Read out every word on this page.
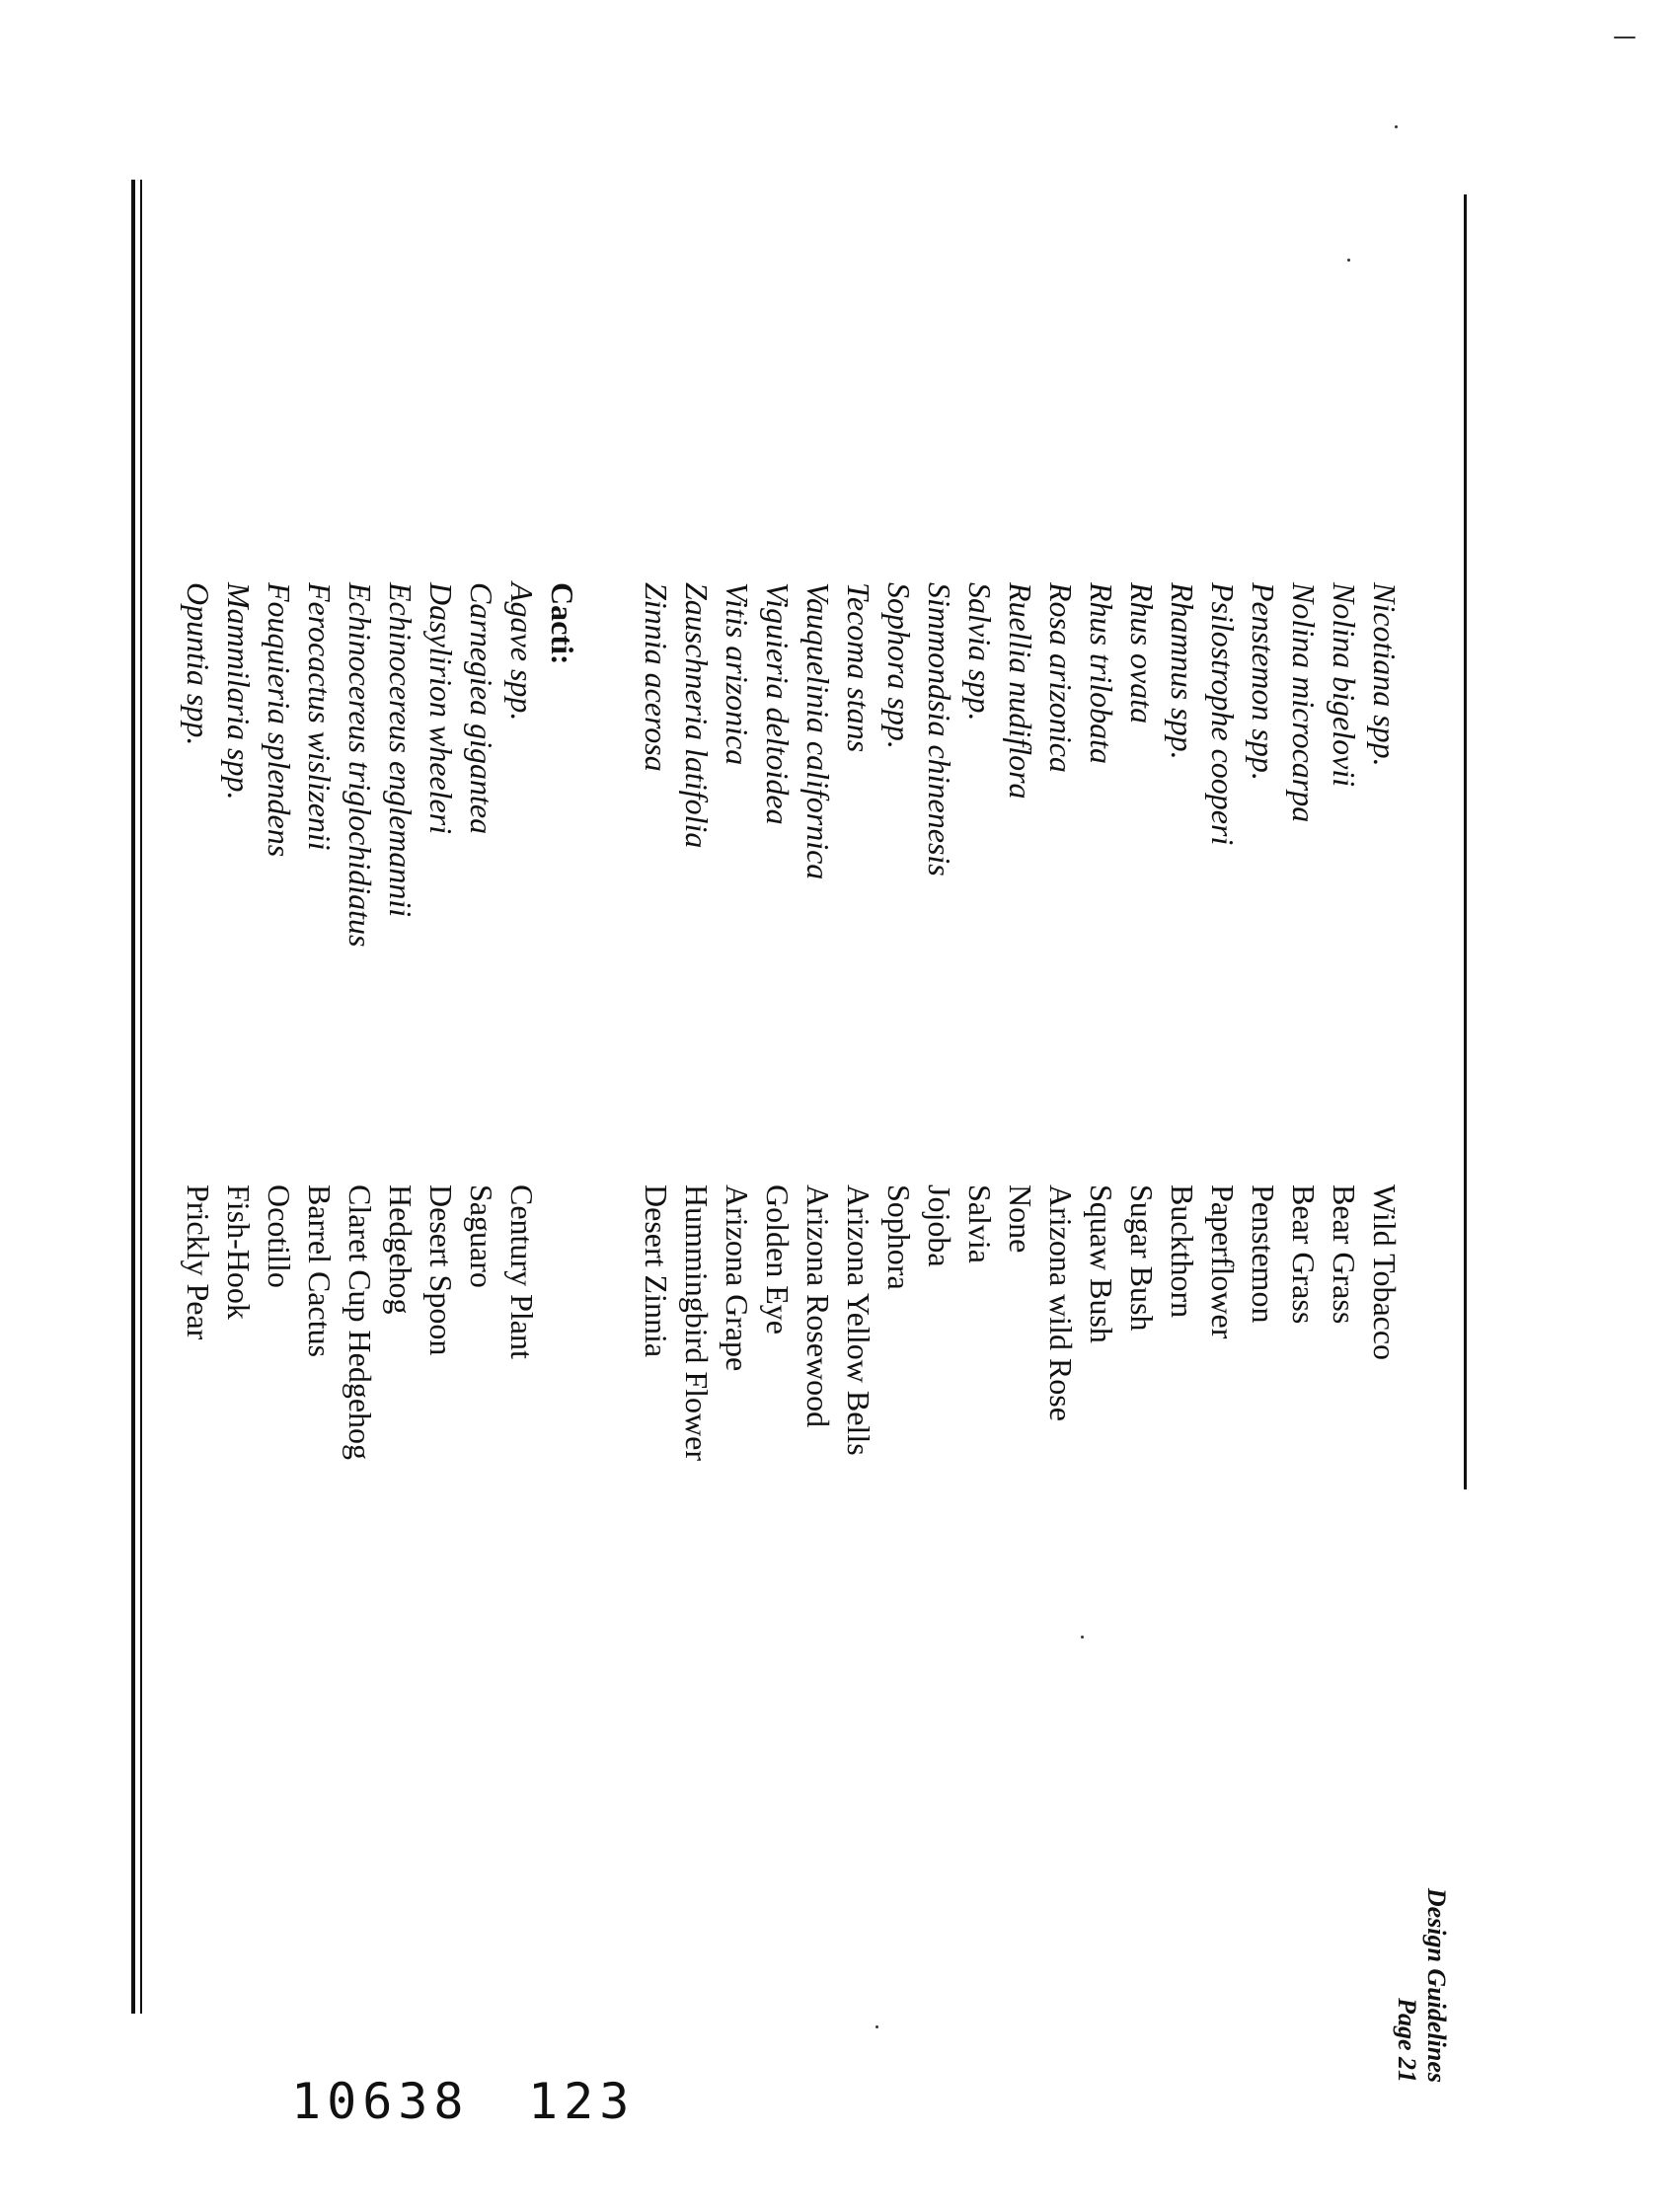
Design Guidelines
Page 21
Nicotiana spp.
Nolina bigelovii
Nolina microcarpa
Penstemon spp.
Psilostrophe cooperi
Rhamnus spp.
Rhus ovata
Rhus trilobata
Rosa arizonica
Ruellia nudiflora
Salvia spp.
Simmondsia chinenesis
Sophora spp.
Tecoma stans
Vauquelinia californica
Viguieria deltoidea
Vitis arizonica
Zauschneria latifolia
Zinnia acerosa
Wild Tobacco
Bear Grass
Bear Grass
Penstemon
Paperflower
Buckthorn
Sugar Bush
Squaw Bush
Arizona wild Rose
None
Salvia
Jojoba
Sophora
Arizona Yellow Bells
Arizona Rosewood
Golden Eye
Arizona Grape
Hummingbird Flower
Desert Zinnia
Cacti:
Agave spp.
Carnegiea gigantea
Dasylirion wheeleri
Echinocereus englemannii
Echinocereus triglochidiatus
Ferocactus wislizenii
Fouquieria splendens
Mammilaria spp.
Opuntia spp.
Century Plant
Saguaro
Desert Spoon
Hedgehog
Claret Cup Hedgehog
Barrel Cactus
Ocotillo
Fish-Hook
Prickly Pear
10638 123
